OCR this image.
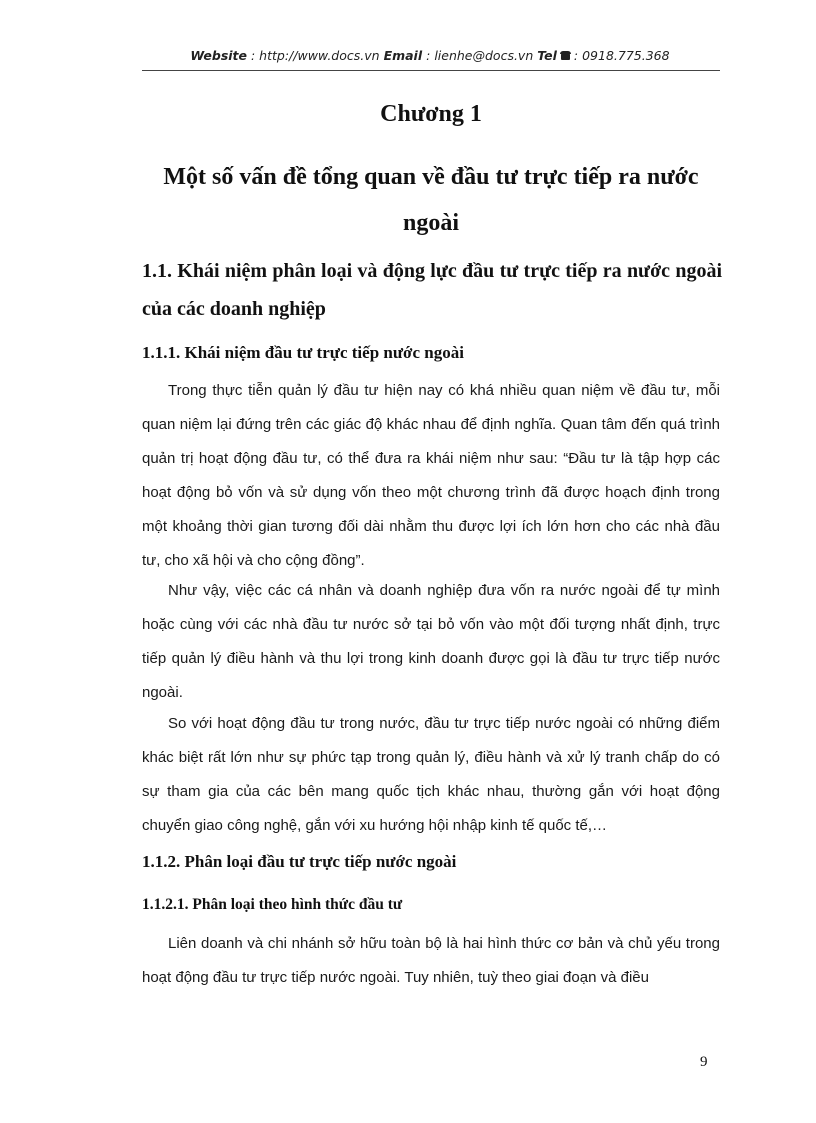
Website : http://www.docs.vn Email : lienhe@docs.vn Tel : 0918.775.368
Chương 1
Một số vấn đề tổng quan về đầu tư trực tiếp ra nước
ngoài
1.1. Khái niệm phân loại và động lực đầu tư trực tiếp ra nước ngoài của các doanh nghiệp
1.1.1. Khái niệm đầu tư trực tiếp nước ngoài
Trong thực tiễn quản lý đầu tư hiện nay có khá nhiều quan niệm về đầu tư, mỗi quan niệm lại đứng trên các giác độ khác nhau để định nghĩa. Quan tâm đến quá trình quản trị hoạt động đầu tư, có thể đưa ra khái niệm như sau: “Đầu tư là tập hợp các hoạt động bỏ vốn và sử dụng vốn theo một chương trình đã được hoạch định trong một khoảng thời gian tương đối dài nhằm thu được lợi ích lớn hơn cho các nhà đầu tư, cho xã hội và cho cộng đồng”.
Như vậy, việc các cá nhân và doanh nghiệp đưa vốn ra nước ngoài để tự mình hoặc cùng với các nhà đầu tư nước sở tại bỏ vốn vào một đối tượng nhất định, trực tiếp quản lý điều hành và thu lợi trong kinh doanh được gọi là đầu tư trực tiếp nước ngoài.
So với hoạt động đầu tư trong nước, đầu tư trực tiếp nước ngoài có những điểm khác biệt rất lớn như sự phức tạp trong quản lý, điều hành và xử lý tranh chấp do có sự tham gia của các bên mang quốc tịch khác nhau, thường gắn với hoạt động chuyển giao công nghệ, gắn với xu hướng hội nhập kinh tế quốc tế,…
1.1.2. Phân loại đầu tư trực tiếp nước ngoài
1.1.2.1. Phân loại theo hình thức đầu tư
Liên doanh và chi nhánh sở hữu toàn bộ là hai hình thức cơ bản và chủ yếu trong hoạt động đầu tư trực tiếp nước ngoài. Tuy nhiên, tuỳ theo giai đoạn và điều
9
